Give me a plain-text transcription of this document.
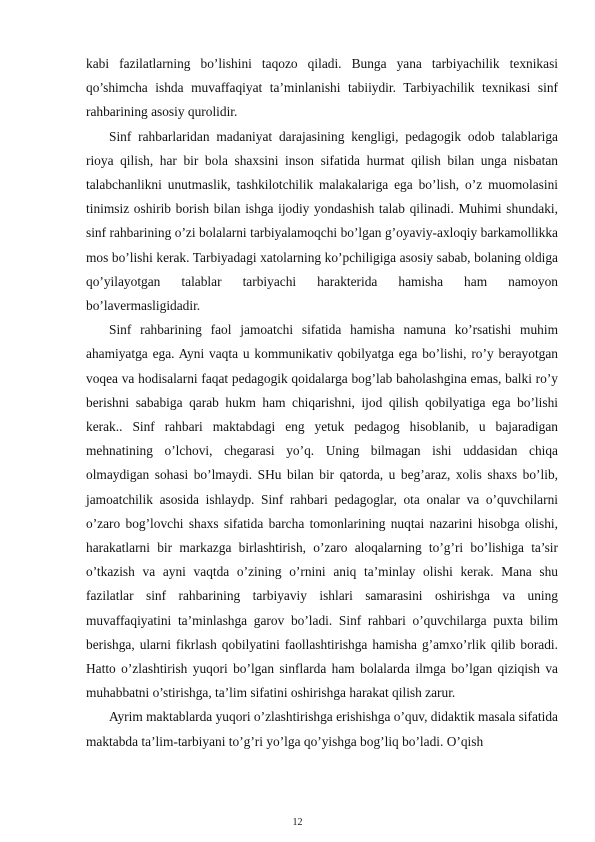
kabi fazilatlarning bo’lishini taqozo qiladi. Bunga yana tarbiyachilik texnikasi qo’shimcha ishda muvaffaqiyat ta’minlanishi tabiiydir. Tarbiyachilik texnikasi sinf rahbarining asosiy qurolidir.

Sinf rahbarlaridan madaniyat darajasining kengligi, pedagogik odob talablariga rioya qilish, har bir bola shaxsini inson sifatida hurmat qilish bilan unga nisbatan talabchanlikni unutmaslik, tashkilotchilik malakalariga ega bo’lish, o’z muomolasini tinimsiz oshirib borish bilan ishga ijodiy yondashish talab qilinadi. Muhimi shundaki, sinf rahbarining o’zi bolalarni tarbiyalamoqchi bo’lgan g’oyaviy-axloqiy barkamollikka mos bo’lishi kerak. Tarbiyadagi xatolarning ko’pchiligiga asosiy sabab, bolaning oldiga qo’yilayotgan talablar tarbiyachi harakterida hamisha ham namoyon bo’lavermasligidadir.

Sinf rahbarining faol jamoatchi sifatida hamisha namuna ko’rsatishi muhim ahamiyatga ega. Ayni vaqta u kommunikativ qobilyatga ega bo’lishi, ro’y berayotgan voqea va hodisalarni faqat pedagogik qoidalarga bog’lab baholashgina emas, balki ro’y berishni sababiga qarab hukm ham chiqarishni, ijod qilish qobilyatiga ega bo’lishi kerak.. Sinf rahbari maktabdagi eng yetuk pedagog hisoblanib, u bajaradigan mehnatining o’lchovi, chegarasi yo’q. Uning bilmagan ishi uddasidan chiqa olmaydigan sohasi bo’lmaydi. SHu bilan bir qatorda, u beg’araz, xolis shaxs bo’lib, jamoatchilik asosida ishlaydp. Sinf rahbari pedagoglar, ota onalar va o’quvchilarni o’zaro bog’lovchi shaxs sifatida barcha tomonlarining nuqtai nazarini hisobga olishi, harakatlarni bir markazga birlashtirish, o’zaro aloqalarning to’g’ri bo’lishiga ta’sir o’tkazish va ayni vaqtda o’zining o’rnini aniq ta’minlay olishi kerak. Mana shu fazilatlar sinf rahbarining tarbiyaviy ishlari samarasini oshirishga va uning muvaffaqiyatini ta’minlashga garov bo’ladi. Sinf rahbari o’quvchilarga puxta bilim berishga, ularni fikrlash qobilyatini faollashtirishga hamisha g’amxo’rlik qilib boradi. Hatto o’zlashtirish yuqori bo’lgan sinflarda ham bolalarda ilmga bo’lgan qiziqish va muhabbatni o’stirishga, ta’lim sifatini oshirishga harakat qilish zarur.

Ayrim maktablarda yuqori o’zlashtirishga erishishga o’quv, didaktik masala sifatida maktabda ta’lim-tarbiyani to’g’ri yo’lga qo’yishga bog’liq bo’ladi. O’qish

12
